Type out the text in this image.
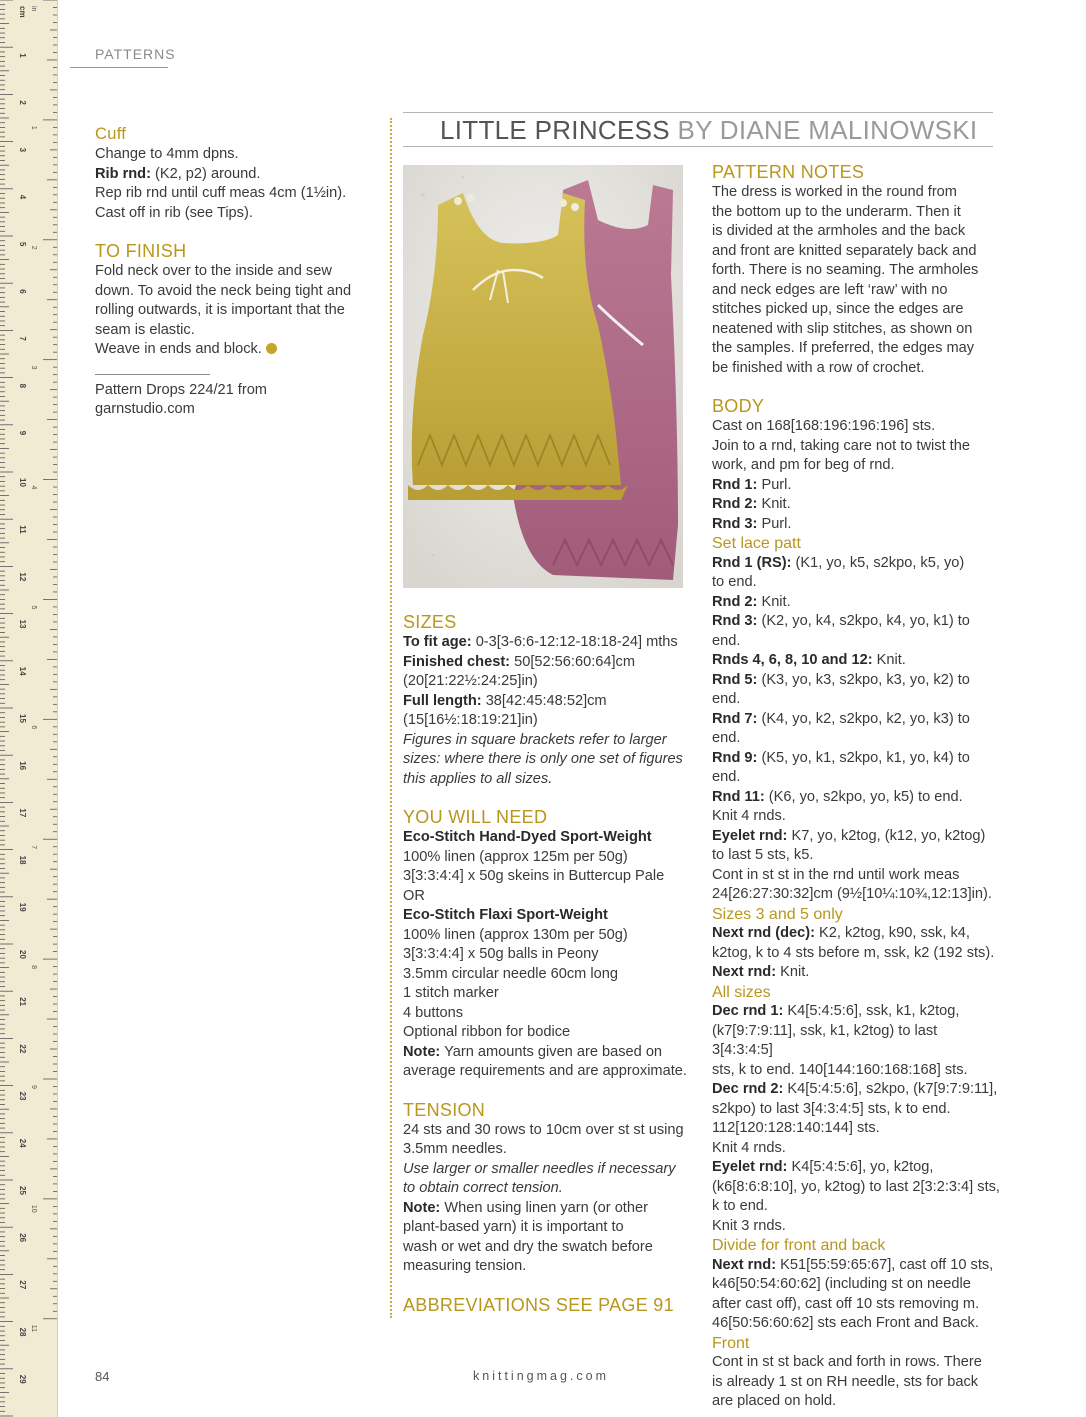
cm
1
2
3
4
5
6
7
8
9
10
11
12
13
14
15
16
17
18
19
20
21
22
23
24
25
26
27
28
29
in
1
2
3
4
5
6
7
8
9
10
11
PATTERNS

Cuff

Change to 4mm dpns.

Rib rnd: (K2, p2) around.

Rep rib rnd until cuff meas 4cm (1½in).

Cast off in rib (see Tips).

TO FINISH

Fold neck over to the inside and sew

down. To avoid the neck being tight and

rolling outwards, it is important that the

seam is elastic.

Weave in ends and block.

Pattern Drops 224/21 from

garnstudio.com

LITTLE PRINCESS BY DIANE MALINOWSKI

SIZES

To fit age: 0-3[3-6:6-12:12-18:18-24] mths

Finished chest: 50[52:56:60:64]cm

(20[21:22½:24:25]in)

Full length: 38[42:45:48:52]cm

(15[16½:18:19:21]in)

Figures in square brackets refer to larger

sizes: where there is only one set of figures

this applies to all sizes.

YOU WILL NEED

Eco-Stitch Hand-Dyed Sport-Weight

100% linen (approx 125m per 50g)

3[3:3:4:4] x 50g skeins in Buttercup Pale

OR

Eco-Stitch Flaxi Sport-Weight

100% linen (approx 130m per 50g)

3[3:3:4:4] x 50g balls in Peony

3.5mm circular needle 60cm long

1 stitch marker

4 buttons

Optional ribbon for bodice

Note: Yarn amounts given are based on

average requirements and are approximate.

TENSION

24 sts and 30 rows to 10cm over st st using

3.5mm needles.

Use larger or smaller needles if necessary

to obtain correct tension.

Note: When using linen yarn (or other

plant-based yarn) it is important to

wash or wet and dry the swatch before

measuring tension.

ABBREVIATIONS SEE PAGE 91

PATTERN NOTES

The dress is worked in the round from

the bottom up to the underarm. Then it

is divided at the armholes and the back

and front are knitted separately back and

forth. There is no seaming. The armholes

and neck edges are left ‘raw’ with no

stitches picked up, since the edges are

neatened with slip stitches, as shown on

the samples. If preferred, the edges may

be finished with a row of crochet.

BODY

Cast on 168[168:196:196:196] sts.

Join to a rnd, taking care not to twist the

work, and pm for beg of rnd.

Rnd 1: Purl.

Rnd 2: Knit.

Rnd 3: Purl.

Set lace patt

Rnd 1 (RS): (K1, yo, k5, s2kpo, k5, yo)

to end.

Rnd 2: Knit.

Rnd 3: (K2, yo, k4, s2kpo, k4, yo, k1) to end.

Rnds 4, 6, 8, 10 and 12: Knit.

Rnd 5: (K3, yo, k3, s2kpo, k3, yo, k2) to end.

Rnd 7: (K4, yo, k2, s2kpo, k2, yo, k3) to end.

Rnd 9: (K5, yo, k1, s2kpo, k1, yo, k4) to end.

Rnd 11: (K6, yo, s2kpo, yo, k5) to end.

Knit 4 rnds.

Eyelet rnd: K7, yo, k2tog, (k12, yo, k2tog)

to last 5 sts, k5.

Cont in st st in the rnd until work meas

24[26:27:30:32]cm (9½[10¼:10¾,12:13]in).

Sizes 3 and 5 only

Next rnd (dec): K2, k2tog, k90, ssk, k4,

k2tog, k to 4 sts before m, ssk, k2 (192 sts).

Next rnd: Knit.

All sizes

Dec rnd 1: K4[5:4:5:6], ssk, k1, k2tog,

(k7[9:7:9:11], ssk, k1, k2tog) to last 3[4:3:4:5]

sts, k to end. 140[144:160:168:168] sts.

Dec rnd 2: K4[5:4:5:6], s2kpo, (k7[9:7:9:11],

s2kpo) to last 3[4:3:4:5] sts, k to end.

112[120:128:140:144] sts.

Knit 4 rnds.

Eyelet rnd: K4[5:4:5:6], yo, k2tog,

(k6[8:6:8:10], yo, k2tog) to last 2[3:2:3:4] sts,

k to end.

Knit 3 rnds.

Divide for front and back

Next rnd: K51[55:59:65:67], cast off 10 sts,

k46[50:54:60:62] (including st on needle

after cast off), cast off 10 sts removing m.

46[50:56:60:62] sts each Front and Back.

Front

Cont in st st back and forth in rows. There

is already 1 st on RH needle, sts for back

are placed on hold.

84	knittingmag.com
